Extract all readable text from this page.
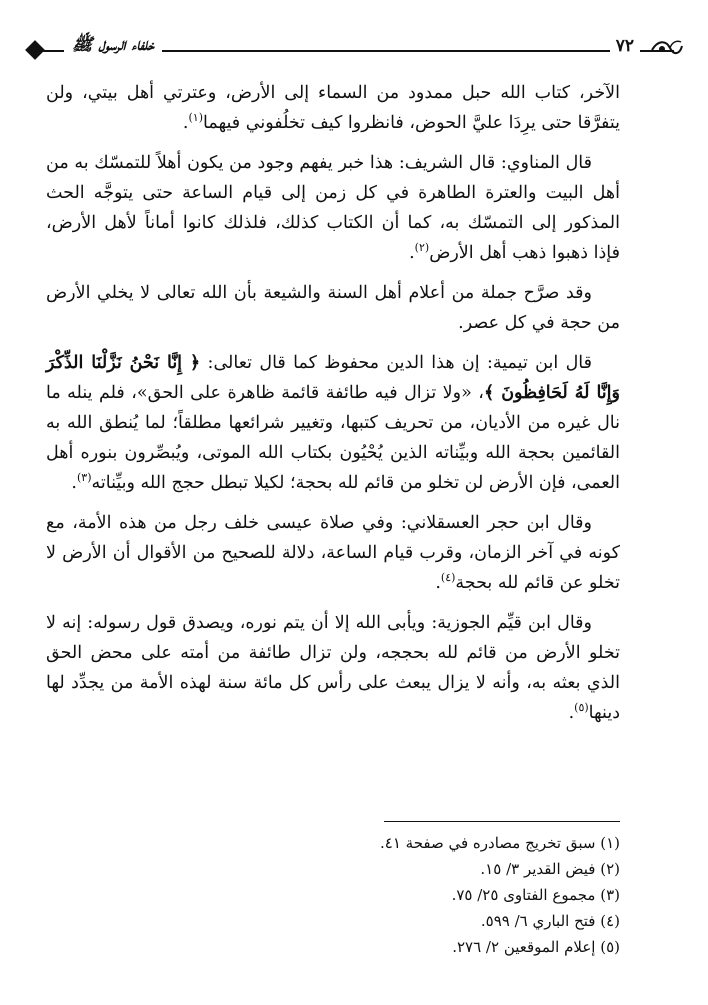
خلفاء الرسول ﷺ	٧٢

الآخر، كتاب الله حبل ممدود من السماء إلى الأرض، وعترتي أهل بيتي، ولن يتفرَّقا حتى يرِدَا عليَّ الحوض، فانظروا كيف تخلُفوني فيهما$^{(١)}$.

قال المناوي: قال الشريف: هذا خبر يفهم وجود من يكون أهلاً للتمسّك به من أهل البيت والعترة الطاهرة في كل زمن إلى قيام الساعة حتى يتوجَّه الحث المذكور إلى التمسّك به، كما أن الكتاب كذلك، فلذلك كانوا أماناً لأهل الأرض، فإذا ذهبوا ذهب أهل الأرض$^{(٢)}$.

وقد صرَّح جملة من أعلام أهل السنة والشيعة بأن الله تعالى لا يخلي الأرض من حجة في كل عصر.

قال ابن تيمية: إن هذا الدين محفوظ كما قال تعالى: ﴿ إِنَّا نَحْنُ نَزَّلْنَا الذِّكْرَ وَإِنَّا لَهُ لَحَافِظُونَ ﴾، «ولا تزال فيه طائفة قائمة ظاهرة على الحق»، فلم ينله ما نال غيره من الأديان، من تحريف كتبها، وتغيير شرائعها مطلقاً؛ لما يُنطق الله به القائمين بحجة الله وبيِّناته الذين يُحْيُون بكتاب الله الموتى، ويُبصِّرون بنوره أهل العمى، فإن الأرض لن تخلو من قائم لله بحجة؛ لكيلا تبطل حجج الله وبيِّناته$^{(٣)}$.

وقال ابن حجر العسقلاني: وفي صلاة عيسى خلف رجل من هذه الأمة، مع كونه في آخر الزمان، وقرب قيام الساعة، دلالة للصحيح من الأقوال أن الأرض لا تخلو عن قائم لله بحجة$^{(٤)}$.

وقال ابن قيِّم الجوزية: ويأبى الله إلا أن يتم نوره، ويصدق قول رسوله: إنه لا تخلو الأرض من قائم لله بحججه، ولن تزال طائفة من أمته على محض الحق الذي بعثه به، وأنه لا يزال يبعث على رأس كل مائة سنة لهذه الأمة من يجدِّد لها دينها$^{(٥)}$.

(١) سبق تخريج مصادره في صفحة ٤١.

(٢) فيض القدير ٣/ ١٥.

(٣) مجموع الفتاوى ٢٥/ ٧٥.

(٤) فتح الباري ٦/ ٥٩٩.

(٥) إعلام الموقعين ٢/ ٢٧٦.
